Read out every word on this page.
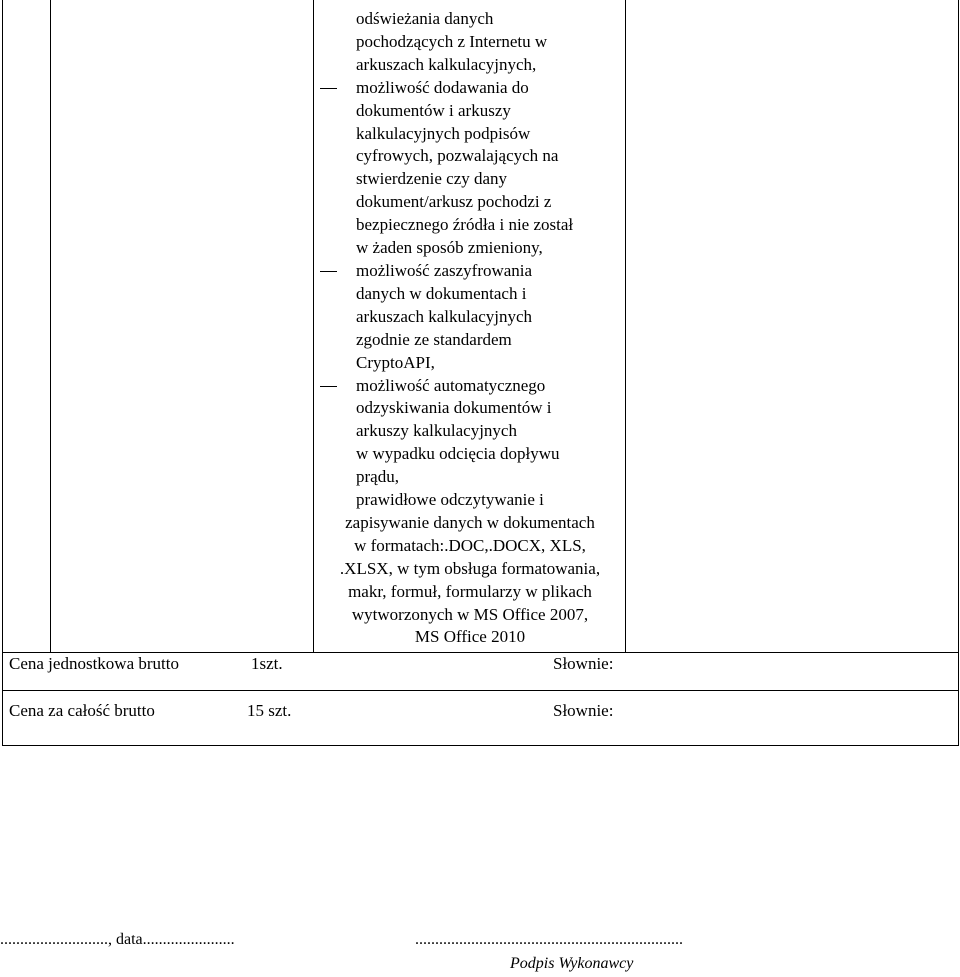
odświeżania danych
pochodzących z Internetu w
arkuszach kalkulacyjnych,
możliwość dodawania do
dokumentów i arkuszy
kalkulacyjnych podpisów
cyfrowych, pozwalających na
stwierdzenie czy dany
dokument/arkusz pochodzi z
bezpiecznego źródła i nie został
w żaden sposób zmieniony,
możliwość zaszyfrowania
danych w dokumentach i
arkuszach kalkulacyjnych
zgodnie ze standardem
CryptoAPI,
możliwość automatycznego
odzyskiwania dokumentów i
arkuszy kalkulacyjnych
w wypadku odcięcia dopływu
prądu,
prawidłowe odczytywanie i
zapisywanie danych w dokumentach
w formatach:.DOC,.DOCX, XLS,
.XLSX, w tym obsługa formatowania,
makr, formuł, formularzy w plikach
wytworzonych w MS Office 2007,
MS Office 2010
Cena jednostkowa brutto	1szt.	Słownie:
Cena za całość brutto	15 szt.	Słownie:
..........................., data.......................	...................................................................
Podpis Wykonawcy
